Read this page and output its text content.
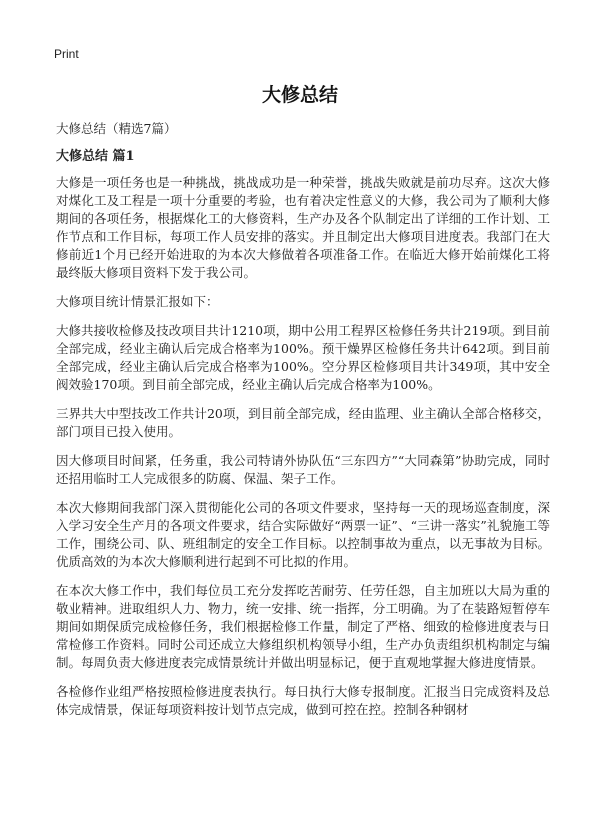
Print
大修总结
大修总结（精选7篇）
大修总结 篇1

大修是一项任务也是一种挑战，挑战成功是一种荣誉，挑战失败就是前功尽弃。这次大修对煤化工及工程是一项十分重要的考验，也有着决定性意义的大修，我公司为了顺利大修期间的各项任务，根据煤化工的大修资料，生产办及各个队制定出了详细的工作计划、工作节点和工作目标，每项工作人员安排的落实。并且制定出大修项目进度表。我部门在大修前近1个月已经开始进取的为本次大修做着各项准备工作。在临近大修开始前煤化工将最终版大修项目资料下发于我公司。

大修项目统计情景汇报如下：

大修共接收检修及技改项目共计1210项，期中公用工程界区检修任务共计219项。到目前全部完成，经业主确认后完成合格率为100%。预干燥界区检修任务共计642项。到目前全部完成，经业主确认后完成合格率为100%。空分界区检修项目共计349项，其中安全阀效验170项。到目前全部完成，经业主确认后完成合格率为100%。

三界共大中型技改工作共计20项，到目前全部完成，经由监理、业主确认全部合格移交，部门项目已投入使用。

因大修项目时间紧，任务重，我公司特请外协队伍“三东四方”“大同森第”协助完成，同时还招用临时工人完成很多的防腐、保温、架子工作。

本次大修期间我部门深入贯彻能化公司的各项文件要求，坚持每一天的现场巡查制度，深入学习安全生产月的各项文件要求，结合实际做好“两票一证”、“三讲一落实”礼貌施工等工作，围绕公司、队、班组制定的安全工作目标。以控制事故为重点，以无事故为目标。优质高效的为本次大修顺利进行起到不可比拟的作用。

在本次大修工作中，我们每位员工充分发挥吃苦耐劳、任劳任怨，自主加班以大局为重的敬业精神。进取组织人力、物力，统一安排、统一指挥，分工明确。为了在装路短暂停车期间如期保质完成检修任务，我们根据检修工作量，制定了严格、细致的检修进度表与日常检修工作资料。同时公司还成立大修组织机构领导小组，生产办负责组织机构制定与编制。每周负责大修进度表完成情景统计并做出明显标记，便于直观地掌握大修进度情景。

各检修作业组严格按照检修进度表执行。每日执行大修专报制度。汇报当日完成资料及总体完成情景，保证每项资料按计划节点完成，做到可控在控。控制各种钢材
